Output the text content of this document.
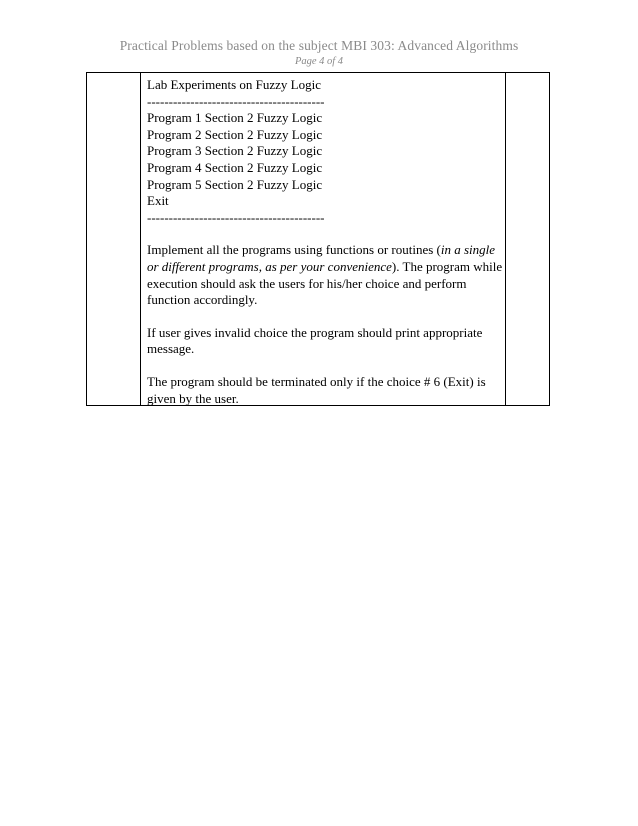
Practical Problems based on the subject MBI 303: Advanced Algorithms
Page 4 of 4

Lab Experiments on Fuzzy Logic

-----------------------------------------

Program 1 Section 2 Fuzzy Logic

Program 2 Section 2 Fuzzy Logic

Program 3 Section 2 Fuzzy Logic

Program 4 Section 2 Fuzzy Logic

Program 5 Section 2 Fuzzy Logic

Exit

-----------------------------------------

Implement all the programs using functions or routines (in a single or different programs, as per your convenience). The program while execution should ask the users for his/her choice and perform function accordingly.

If user gives invalid choice the program should print appropriate message.

The program should be terminated only if the choice # 6 (Exit) is given by the user.
